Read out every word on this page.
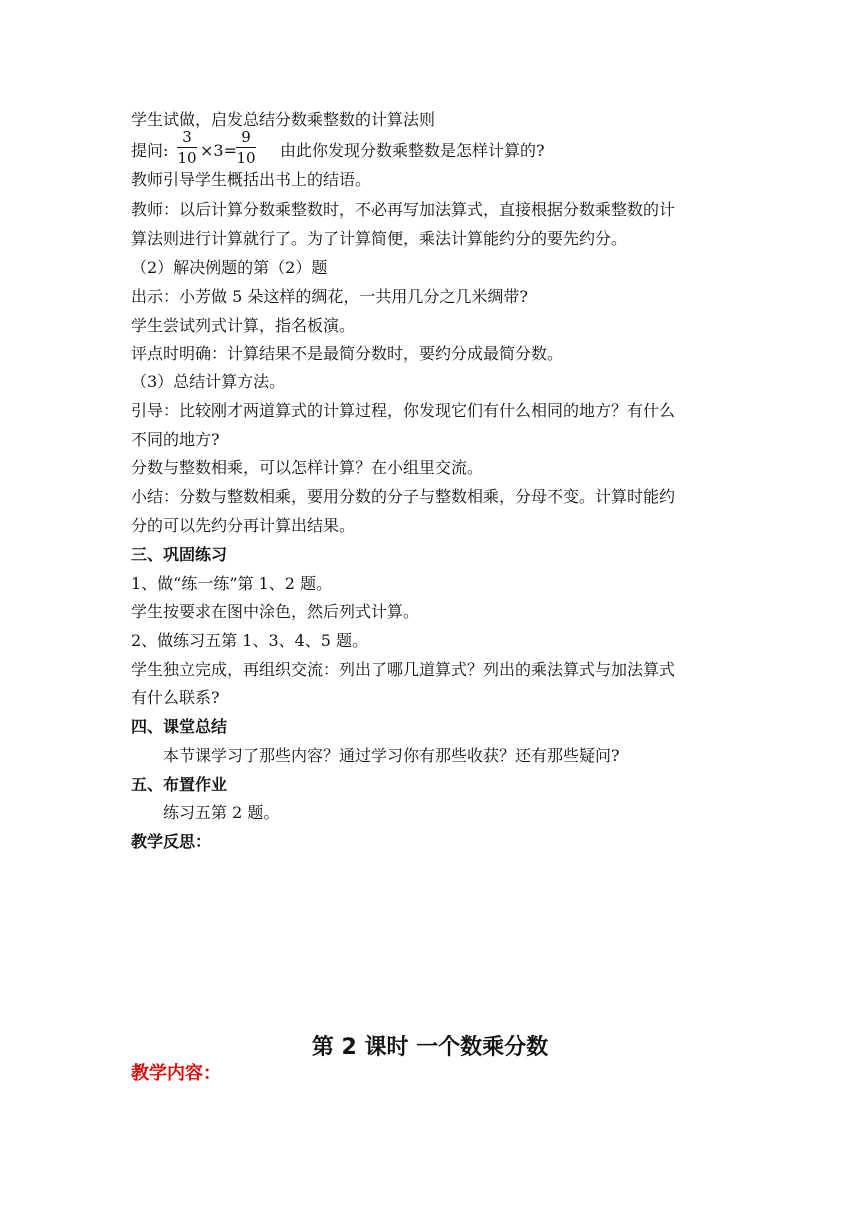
学生试做，启发总结分数乘整数的计算法则
提问:
3
10 ×3=
9
10 由此你发现分数乘整数是怎样计算的?
教师引导学生概括出书上的结语。
教师：以后计算分数乘整数时，不必再写加法算式，直接根据分数乘整数的计
算法则进行计算就行了。为了计算简便，乘法计算能约分的要先约分。
（2）解决例题的第（2）题
出示：小芳做 5 朵这样的绸花，一共用几分之几米绸带?
学生尝试列式计算，指名板演。
评点时明确：计算结果不是最简分数时，要约分成最简分数。
（3）总结计算方法。
引导：比较刚才两道算式的计算过程，你发现它们有什么相同的地方？有什么
不同的地方?
分数与整数相乘，可以怎样计算？在小组里交流。
小结：分数与整数相乘，要用分数的分子与整数相乘，分母不变。计算时能约
分的可以先约分再计算出结果。
三、巩固练习
1、做“练一练”第 1、2 题。
学生按要求在图中涂色，然后列式计算。
2、做练习五第 1、3、4、5 题。
学生独立完成，再组织交流：列出了哪几道算式？列出的乘法算式与加法算式
有什么联系?
四、课堂总结
本节课学习了那些内容？通过学习你有那些收获？还有那些疑问?
五、布置作业
练习五第 2 题。
教学反思：
第 2 课时 一个数乘分数
教学内容：
